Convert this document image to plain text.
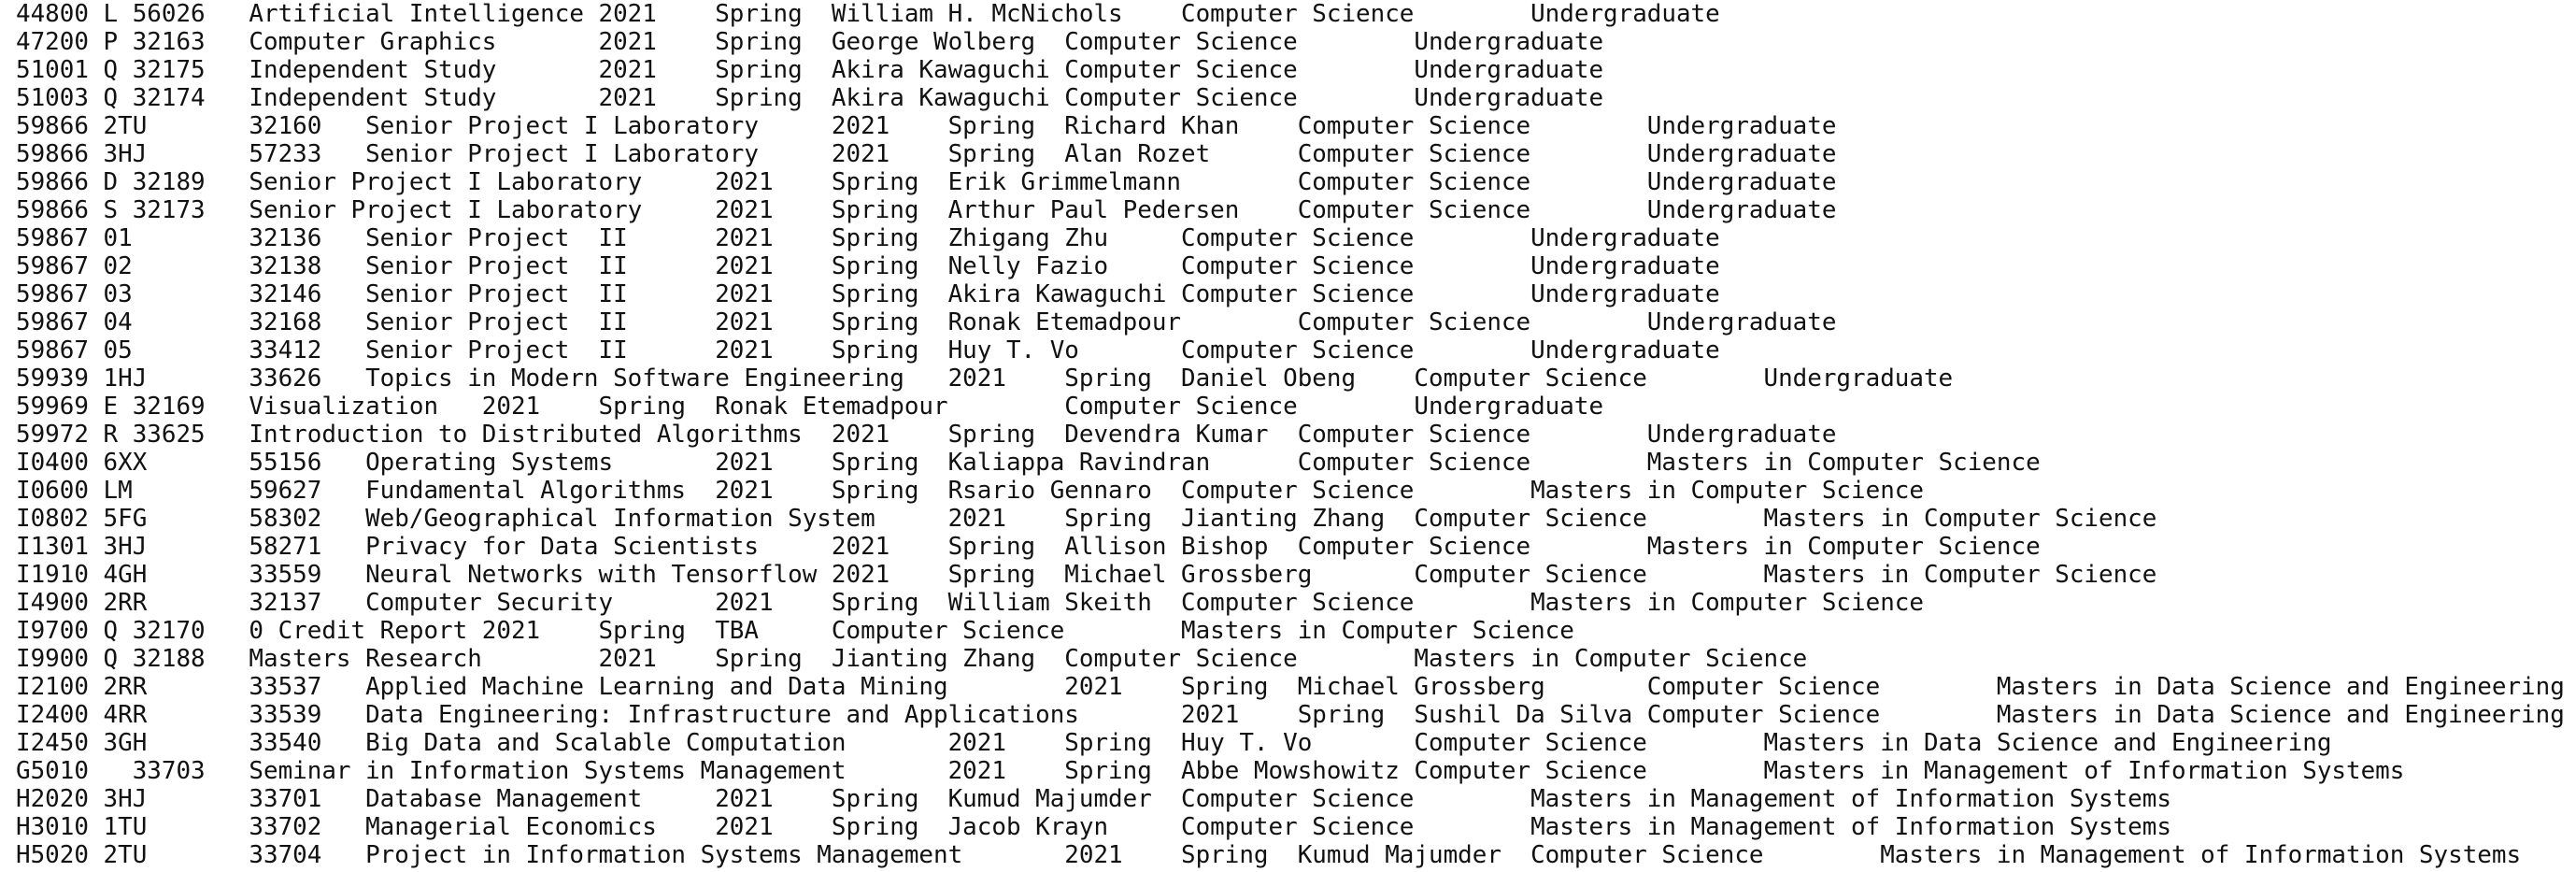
44800 L 56026   Artificial Intelligence 2021    Spring  William H. McNichols    Computer Science        Undergraduate
47200 P 32163   Computer Graphics       2021    Spring  George Wolberg  Computer Science        Undergraduate
51001 Q 32175   Independent Study       2021    Spring  Akira Kawaguchi Computer Science        Undergraduate
51003 Q 32174   Independent Study       2021    Spring  Akira Kawaguchi Computer Science        Undergraduate
59866 2TU       32160   Senior Project I Laboratory     2021    Spring  Richard Khan    Computer Science        Undergraduate
59866 3HJ       57233   Senior Project I Laboratory     2021    Spring  Alan Rozet      Computer Science        Undergraduate
59866 D 32189   Senior Project I Laboratory     2021    Spring  Erik Grimmelmann        Computer Science        Undergraduate
59866 S 32173   Senior Project I Laboratory     2021    Spring  Arthur Paul Pedersen    Computer Science        Undergraduate
59867 01        32136   Senior Project  II      2021    Spring  Zhigang Zhu     Computer Science        Undergraduate
59867 02        32138   Senior Project  II      2021    Spring  Nelly Fazio     Computer Science        Undergraduate
59867 03        32146   Senior Project  II      2021    Spring  Akira Kawaguchi Computer Science        Undergraduate
59867 04        32168   Senior Project  II      2021    Spring  Ronak Etemadpour        Computer Science        Undergraduate
59867 05        33412   Senior Project  II      2021    Spring  Huy T. Vo       Computer Science        Undergraduate
59939 1HJ       33626   Topics in Modern Software Engineering   2021    Spring  Daniel Obeng    Computer Science        Undergraduate
59969 E 32169   Visualization   2021    Spring  Ronak Etemadpour        Computer Science        Undergraduate
59972 R 33625   Introduction to Distributed Algorithms  2021    Spring  Devendra Kumar  Computer Science        Undergraduate
I0400 6XX       55156   Operating Systems       2021    Spring  Kaliappa Ravindran      Computer Science        Masters in Computer Science
I0600 LM        59627   Fundamental Algorithms  2021    Spring  Rsario Gennaro  Computer Science        Masters in Computer Science
I0802 5FG       58302   Web/Geographical Information System     2021    Spring  Jianting Zhang  Computer Science        Masters in Computer Science
I1301 3HJ       58271   Privacy for Data Scientists     2021    Spring  Allison Bishop  Computer Science        Masters in Computer Science
I1910 4GH       33559   Neural Networks with Tensorflow 2021    Spring  Michael Grossberg       Computer Science        Masters in Computer Science
I4900 2RR       32137   Computer Security       2021    Spring  William Skeith  Computer Science        Masters in Computer Science
I9700 Q 32170   0 Credit Report 2021    Spring  TBA     Computer Science        Masters in Computer Science
I9900 Q 32188   Masters Research        2021    Spring  Jianting Zhang  Computer Science        Masters in Computer Science
I2100 2RR       33537   Applied Machine Learning and Data Mining        2021    Spring  Michael Grossberg       Computer Science        Masters in Data Science and Engineering
I2400 4RR       33539   Data Engineering: Infrastructure and Applications       2021    Spring  Sushil Da Silva Computer Science        Masters in Data Science and Engineering
I2450 3GH       33540   Big Data and Scalable Computation       2021    Spring  Huy T. Vo       Computer Science        Masters in Data Science and Engineering
G5010   33703   Seminar in Information Systems Management       2021    Spring  Abbe Mowshowitz Computer Science        Masters in Management of Information Systems
H2020 3HJ       33701   Database Management     2021    Spring  Kumud Majumder  Computer Science        Masters in Management of Information Systems
H3010 1TU       33702   Managerial Economics    2021    Spring  Jacob Krayn     Computer Science        Masters in Management of Information Systems
H5020 2TU       33704   Project in Information Systems Management       2021    Spring  Kumud Majumder  Computer Science        Masters in Management of Information Systems
